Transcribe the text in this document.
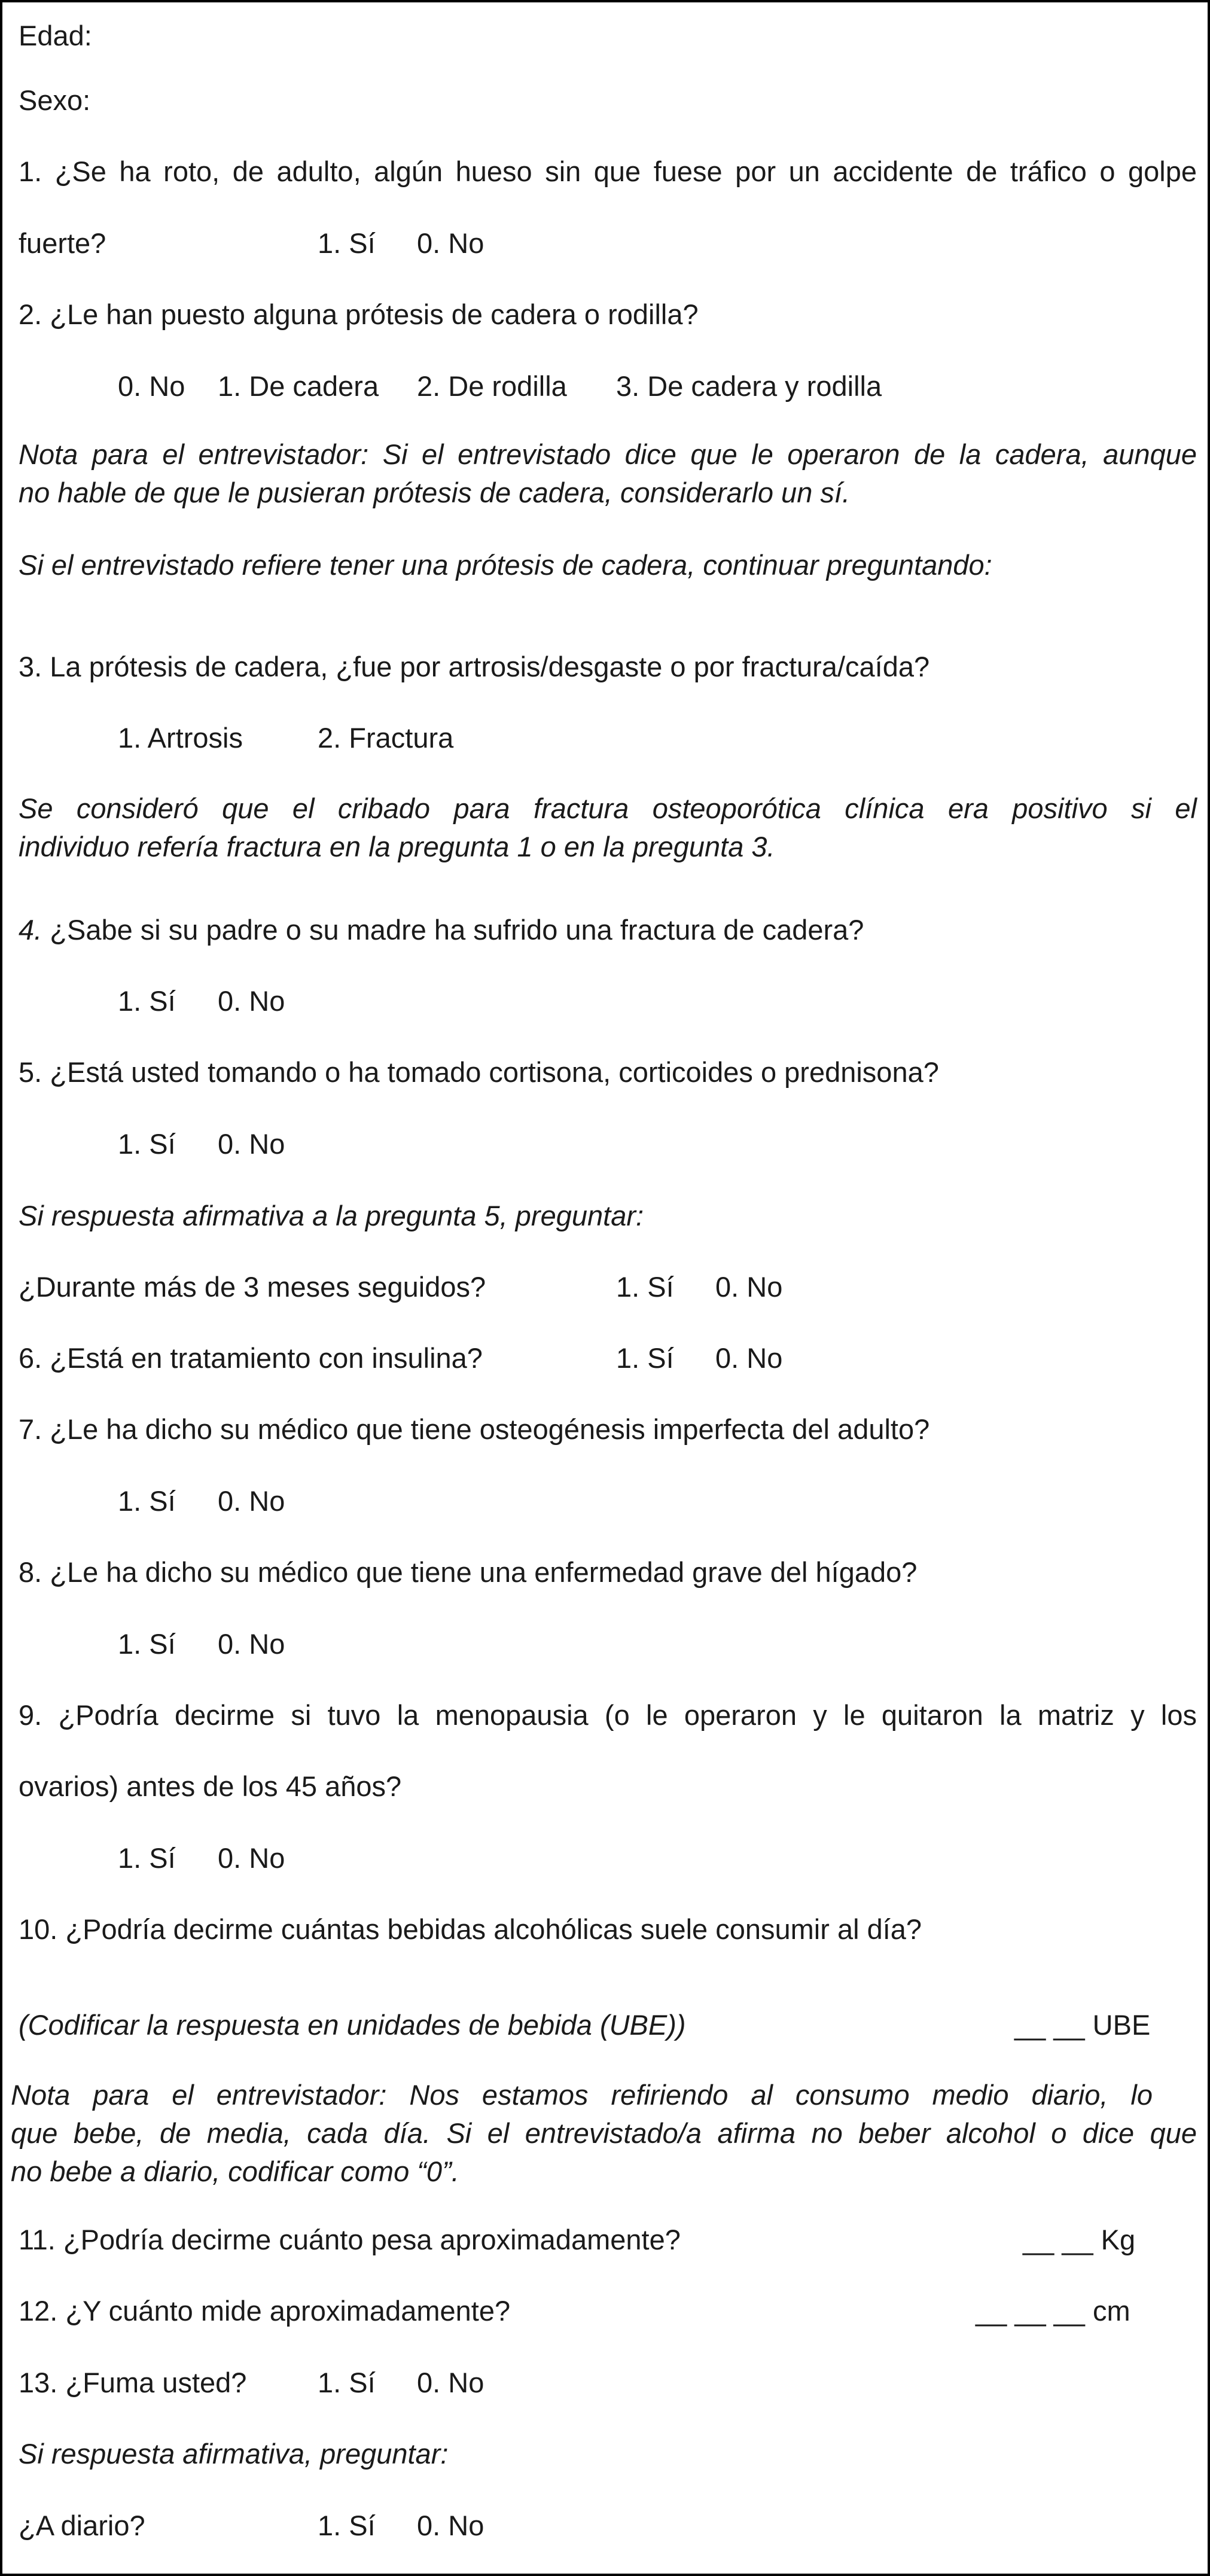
Edad:
Sexo:
1. ¿Se ha roto, de adulto, algún hueso sin que fuese por un accidente de tráfico o golpe
fuerte?	1. Sí 0. No
2. ¿Le han puesto alguna prótesis de cadera o rodilla?
0. No 1. De cadera 2. De rodilla 3. De cadera y rodilla
Nota para el entrevistador: Si el entrevistado dice que le operaron de la cadera, aunque
no hable de que le pusieran prótesis de cadera, considerarlo un sí.
Si el entrevistado refiere tener una prótesis de cadera, continuar preguntando:
3. La prótesis de cadera, ¿fue por artrosis/desgaste o por fractura/caída?
1. Artrosis	2. Fractura
Se consideró que el cribado para fractura osteoporótica clínica era positivo si el
individuo refería fractura en la pregunta 1 o en la pregunta 3.
4. ¿Sabe si su padre o su madre ha sufrido una fractura de cadera?
1. Sí 0. No
5. ¿Está usted tomando o ha tomado cortisona, corticoides o prednisona?
1. Sí 0. No
Si respuesta afirmativa a la pregunta 5, preguntar:
¿Durante más de 3 meses seguidos?	1. Sí 0. No
6. ¿Está en tratamiento con insulina?	1. Sí 0. No
7. ¿Le ha dicho su médico que tiene osteogénesis imperfecta del adulto?
1. Sí 0. No
8. ¿Le ha dicho su médico que tiene una enfermedad grave del hígado?
1. Sí 0. No
9. ¿Podría decirme si tuvo la menopausia (o le operaron y le quitaron la matriz y los
ovarios) antes de los 45 años?
1. Sí 0. No
10. ¿Podría decirme cuántas bebidas alcohólicas suele consumir al día?
(Codificar la respuesta en unidades de bebida (UBE))	__ __ UBE
Nota para el entrevistador: Nos estamos refiriendo al consumo medio diario, lo
que bebe, de media, cada día. Si el entrevistado/a afirma no beber alcohol o dice que
no bebe a diario, codificar como “0”.
11. ¿Podría decirme cuánto pesa aproximadamente?	__ __ Kg
12. ¿Y cuánto mide aproximadamente?	__ __ __ cm
13. ¿Fuma usted?	1. Sí 0. No
Si respuesta afirmativa, preguntar:
¿A diario?	1. Sí 0. No
